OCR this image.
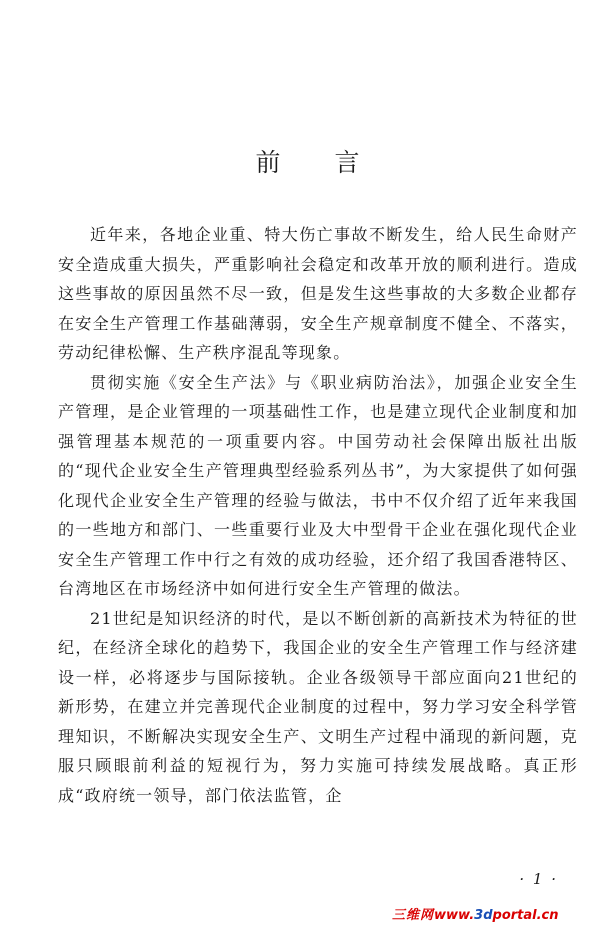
前言

近年来，各地企业重、特大伤亡事故不断发生，给人民生命财产安全造成重大损失，严重影响社会稳定和改革开放的顺利进行。造成这些事故的原因虽然不尽一致，但是发生这些事故的大多数企业都存在安全生产管理工作基础薄弱，安全生产规章制度不健全、不落实，劳动纪律松懈、生产秩序混乱等现象。

贯彻实施《安全生产法》与《职业病防治法》，加强企业安全生产管理，是企业管理的一项基础性工作，也是建立现代企业制度和加强管理基本规范的一项重要内容。中国劳动社会保障出版社出版的“现代企业安全生产管理典型经验系列丛书”，为大家提供了如何强化现代企业安全生产管理的经验与做法，书中不仅介绍了近年来我国的一些地方和部门、一些重要行业及大中型骨干企业在强化现代企业安全生产管理工作中行之有效的成功经验，还介绍了我国香港特区、台湾地区在市场经济中如何进行安全生产管理的做法。

21世纪是知识经济的时代，是以不断创新的高新技术为特征的世纪，在经济全球化的趋势下，我国企业的安全生产管理工作与经济建设一样，必将逐步与国际接轨。企业各级领导干部应面向21世纪的新形势，在建立并完善现代企业制度的过程中，努力学习安全科学管理知识，不断解决实现安全生产、文明生产过程中涌现的新问题，克服只顾眼前利益的短视行为，努力实施可持续发展战略。真正形成“政府统一领导，部门依法监管，企

· 1 ·
三维网www.3dportal.cn
